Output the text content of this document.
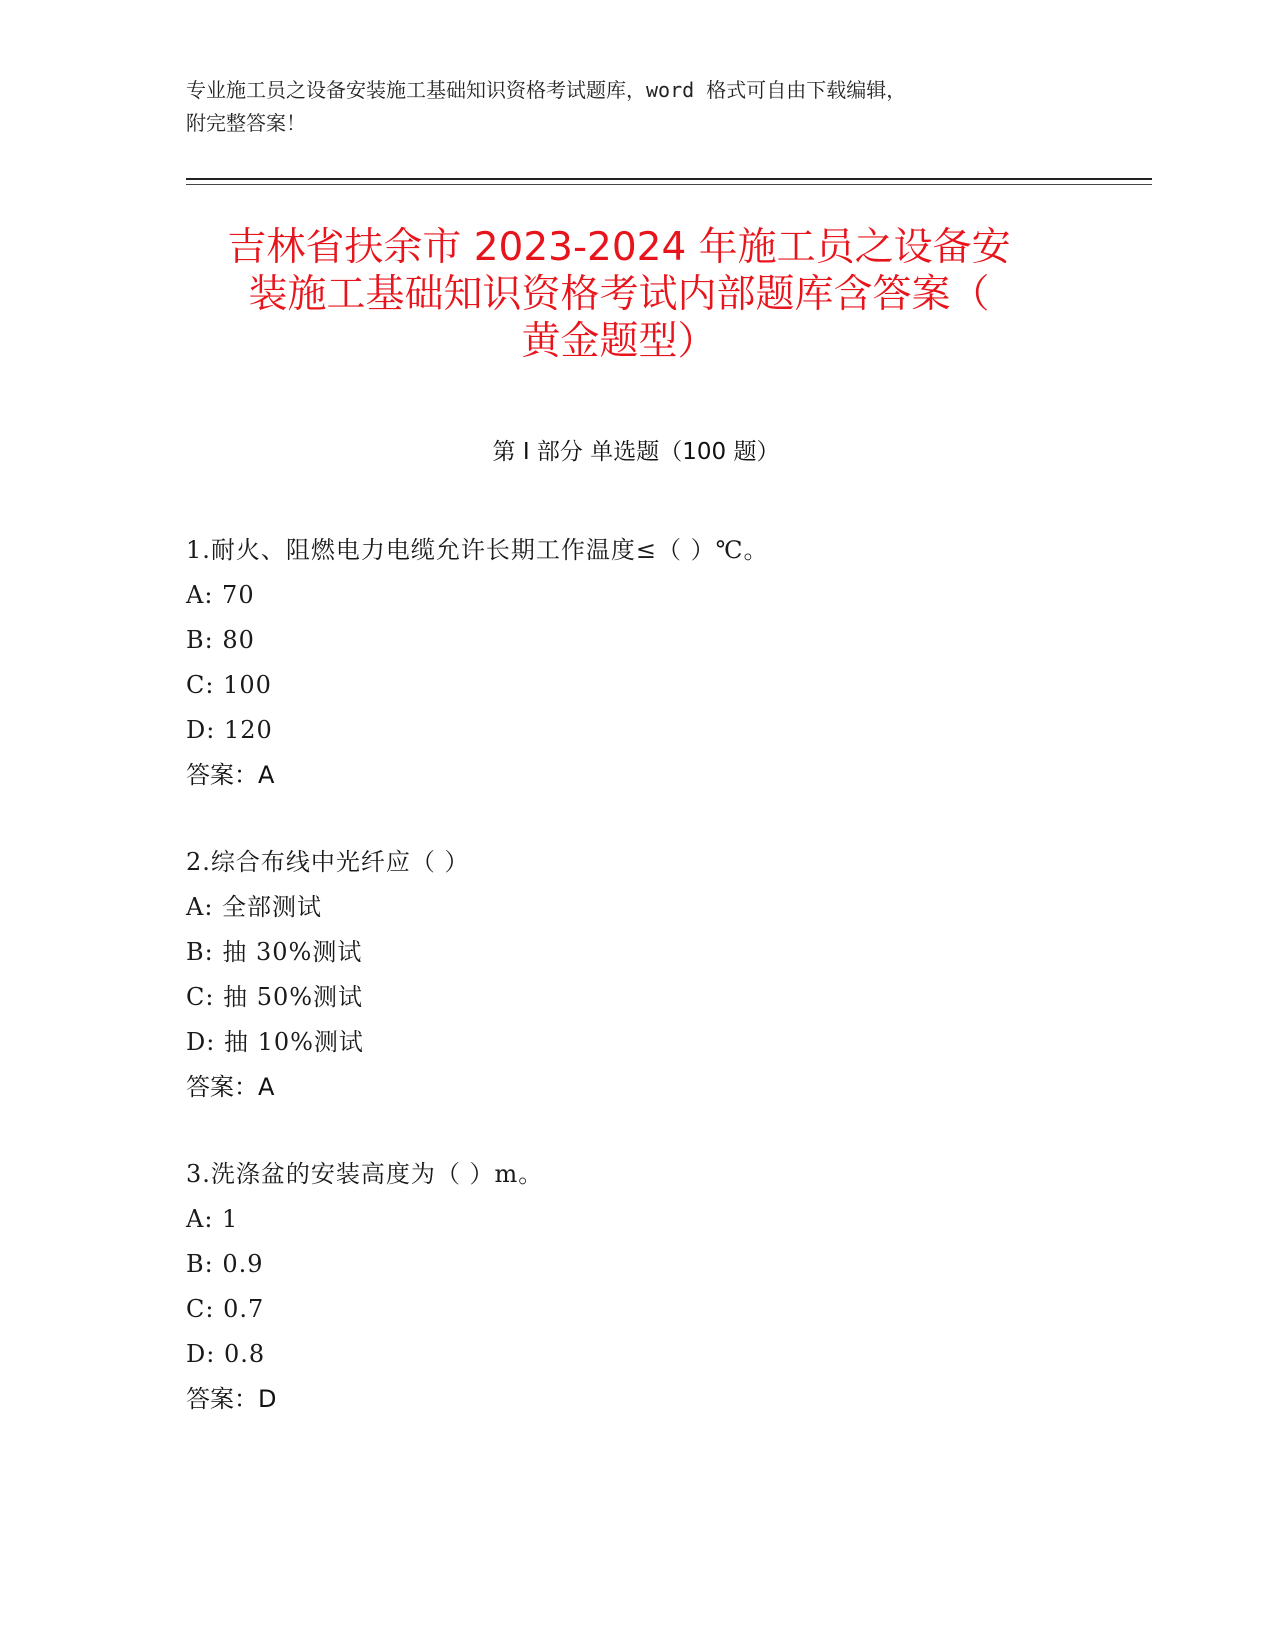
专业施工员之设备安装施工基础知识资格考试题库，word 格式可自由下载编辑，
附完整答案！
吉林省扶余市 2023-2024 年施工员之设备安
装施工基础知识资格考试内部题库含答案（
黄金题型）
第 I 部分 单选题（100 题）
1.耐火、阻燃电力电缆允许长期工作温度≤（ ）℃。
A: 70
B: 80
C: 100
D: 120
答案：A
2.综合布线中光纤应（ ）
A: 全部测试
B: 抽 30%测试
C: 抽 50%测试
D: 抽 10%测试
答案：A
3.洗涤盆的安装高度为（ ）m。
A: 1
B: 0.9
C: 0.7
D: 0.8
答案：D
